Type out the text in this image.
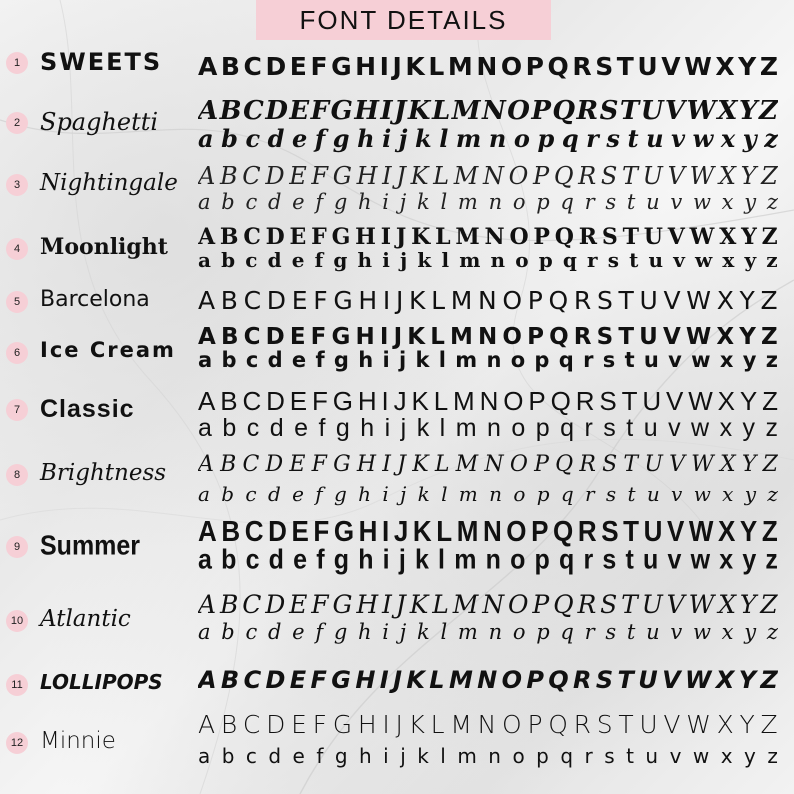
FONT DETAILS
1 SWEETS A B C D E F G H I J K L M N O P Q R S T U V W X Y Z
2 Spaghetti A B C D E F G H I J K L M N O P Q R S T U V W X Y Z
a b c d e f g h i j k l m n o p q r s t u v w x y z
3 Nightingale A B C D E F G H I J K L M N O P Q R S T U V W X Y Z
a b c d e f g h i j k l m n o p q r s t u v w x y z
4 Moonlight A B C D E F G H I J K L M N O P Q R S T U V W X Y Z
a b c d e f g h i j k l m n o p q r s t u v w x y z
5 Barcelona A B C D E F G H I J K L M N O P Q R S T U V W X Y Z
6 Ice Cream A B C D E F G H I J K L M N O P Q R S T U V W X Y Z
a b c d e f g h i j k l m n o p q r s t u v w x y z
7 Classic A B C D E F G H I J K L M N O P Q R S T U V W X Y Z
a b c d e f g h i j k l m n o p q r s t u v w x y z
8 Brightness A B C D E F G H I J K L M N O P Q R S T U V W X Y Z
a b c d e f g h i j k l m n o p q r s t u v w x y z
9 Summer A B C D E F G H I J K L M N O P Q R S T U V W X Y Z
a b c d e f g h i j k l m n o p q r s t u v w x y z
10 Atlantic	A B C D E F G H I J K L M N O P Q R S T U V W X Y Z
a b c d e f g h i j k l m n o p q r s t u v w x y z
11 LOLLIPOPS A B C D E F G H I J K L M N O P Q R S T U V W X Y Z
12 Minnie
A B C D E F G H I J K L M N O P Q R S T U V W X Y Z
a b c d e f g h i j k l m n o p q r s t u v w x y z
